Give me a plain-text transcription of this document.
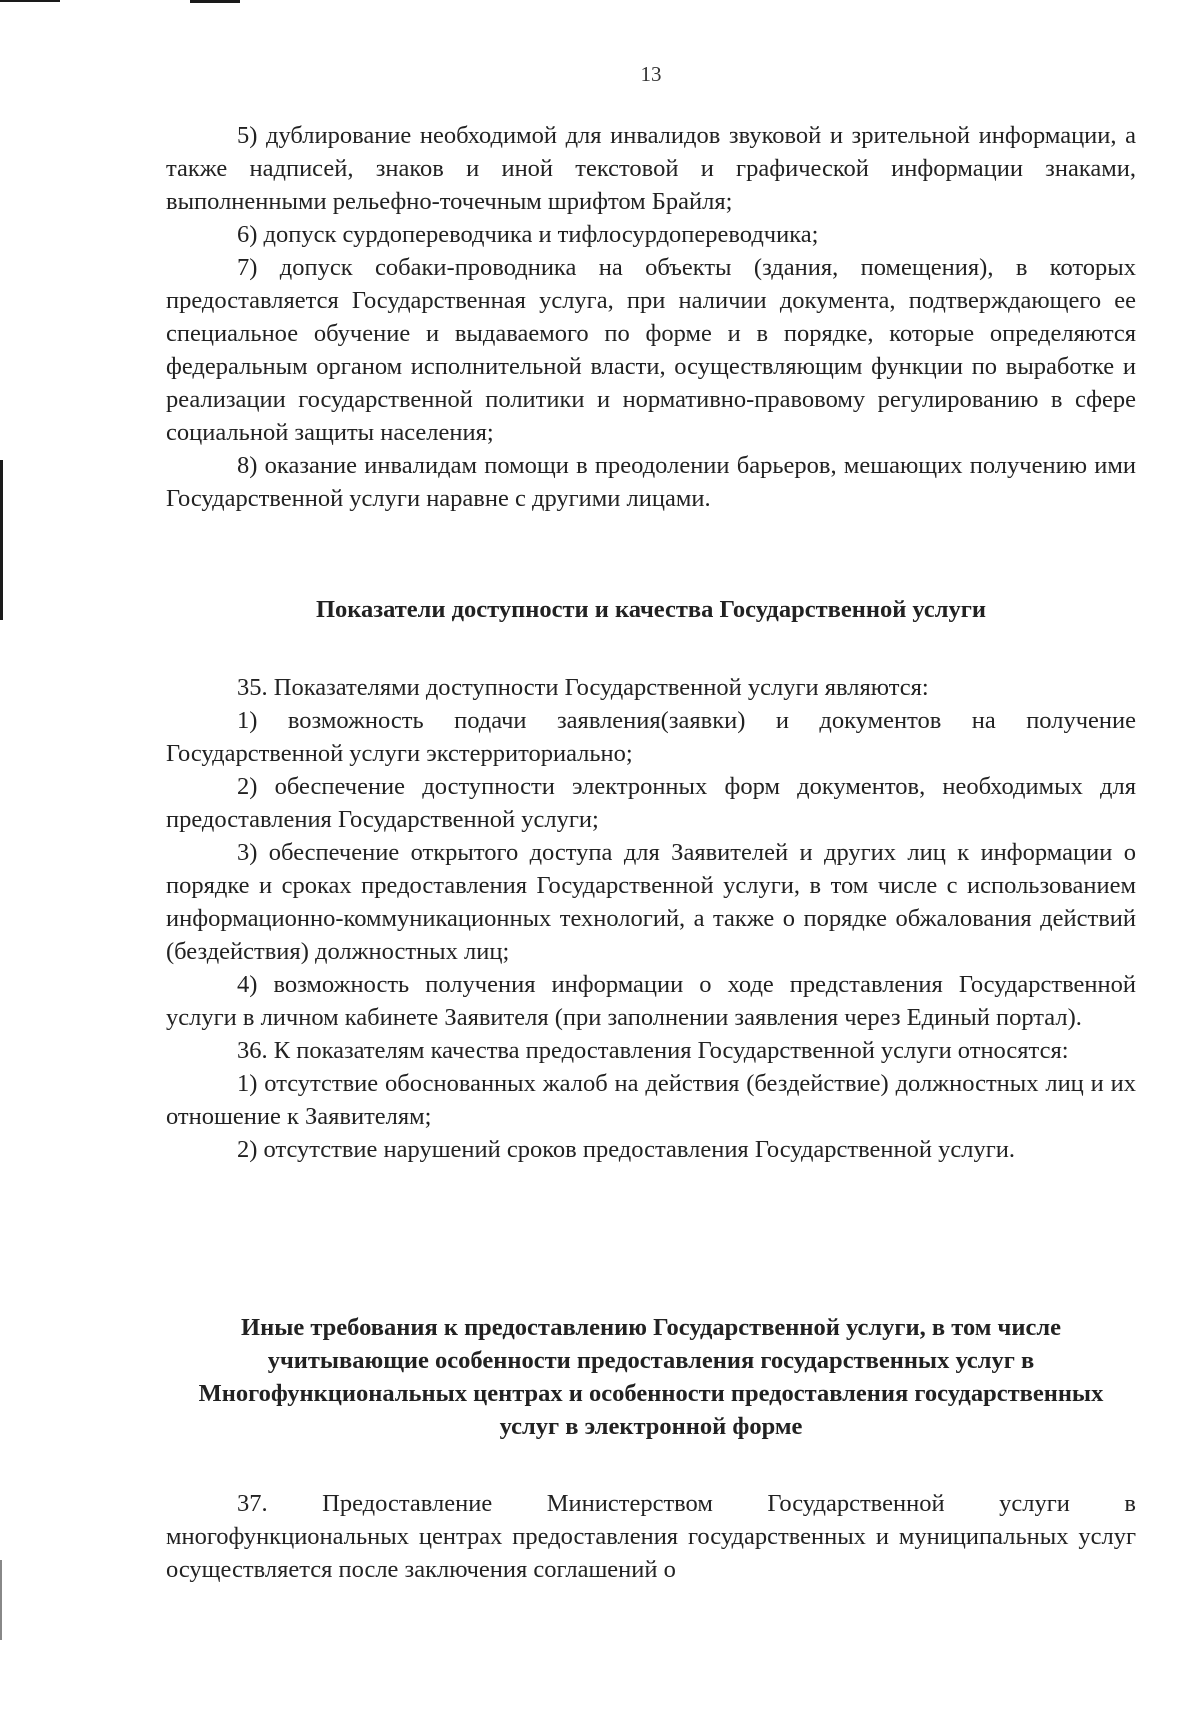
13

5) дублирование необходимой для инвалидов звуковой и зрительной информации, а также надписей, знаков и иной текстовой и графической информации знаками, выполненными рельефно-точечным шрифтом Брайля;

6) допуск сурдопереводчика и тифлосурдопереводчика;

7) допуск собаки-проводника на объекты (здания, помещения), в которых предоставляется Государственная услуга, при наличии документа, подтверждающего ее специальное обучение и выдаваемого по форме и в порядке, которые определяются федеральным органом исполнительной власти, осуществляющим функции по выработке и реализации государственной политики и нормативно-правовому регулированию в сфере социальной защиты населения;

8) оказание инвалидам помощи в преодолении барьеров, мешающих получению ими Государственной услуги наравне с другими лицами.

Показатели доступности и качества Государственной услуги

35. Показателями доступности Государственной услуги являются:

1) возможность подачи заявления(заявки) и документов на получение Государственной услуги экстерриториально;

2) обеспечение доступности электронных форм документов, необходимых для предоставления Государственной услуги;

3) обеспечение открытого доступа для Заявителей и других лиц к информации о порядке и сроках предоставления Государственной услуги, в том числе с использованием информационно-коммуникационных технологий, а также о порядке обжалования действий (бездействия) должностных лиц;

4) возможность получения информации о ходе представления Государственной услуги в личном кабинете Заявителя (при заполнении заявления через Единый портал).

36. К показателям качества предоставления Государственной услуги относятся:

1) отсутствие обоснованных жалоб на действия (бездействие) должностных лиц и их отношение к Заявителям;

2) отсутствие нарушений сроков предоставления Государственной услуги.

Иные требования к предоставлению Государственной услуги, в том числе учитывающие особенности предоставления государственных услуг в Многофункциональных центрах и особенности предоставления государственных услуг в электронной форме

37. Предоставление Министерством Государственной услуги в многофункциональных центрах предоставления государственных и муниципальных услуг осуществляется после заключения соглашений о
